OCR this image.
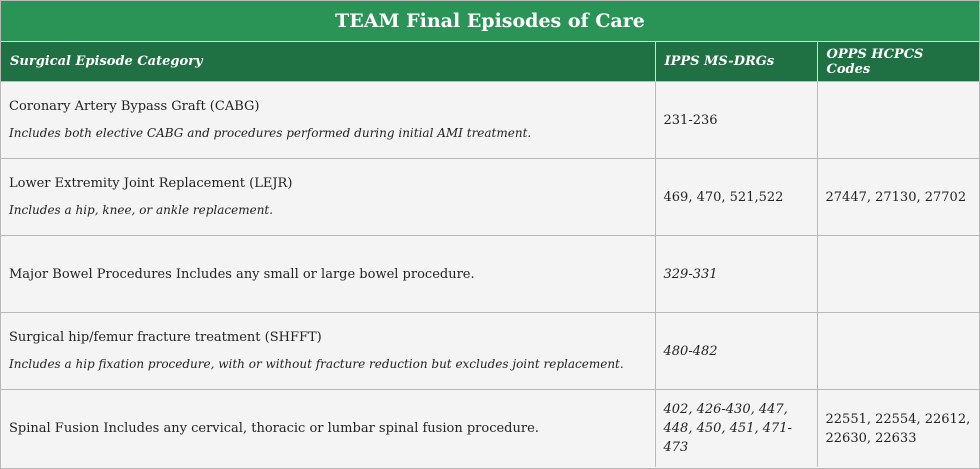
TEAM Final Episodes of Care
Surgical Episode Category	IPPS MS-DRGs	OPPS HCPCS Codes

Coronary Artery Bypass Graft (CABG)
Includes both elective CABG and procedures performed during initial AMI treatment.	231-236	

Lower Extremity Joint Replacement (LEJR)
Includes a hip, knee, or ankle replacement.	469, 470, 521,522	27447, 27130, 27702

Major Bowel Procedures Includes any small or large bowel procedure.	329-331	

Surgical hip/femur fracture treatment (SHFFT)
Includes a hip fixation procedure, with or without fracture reduction but excludes joint replacement.	480-482	

Spinal Fusion Includes any cervical, thoracic or lumbar spinal fusion procedure.	402, 426-430, 447, 448, 450, 451, 471-473	22551, 22554, 22612, 22630, 22633
